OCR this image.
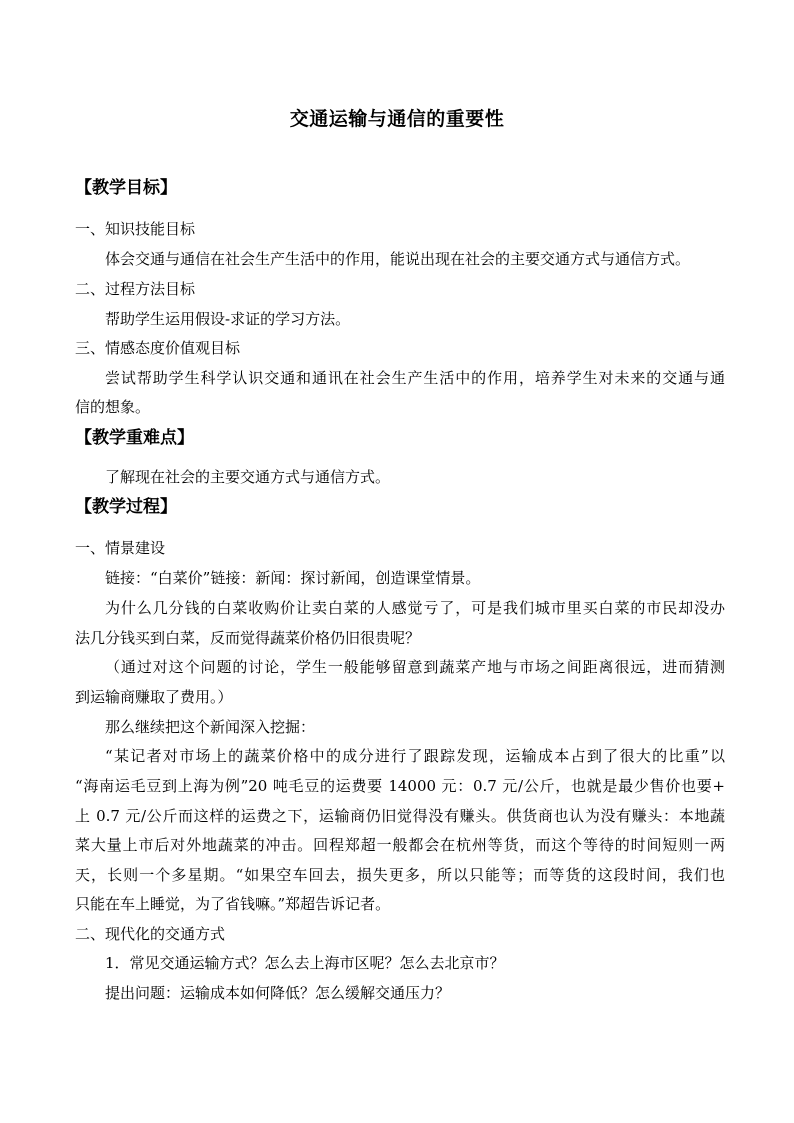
交通运输与通信的重要性
【教学目标】
一、知识技能目标
体会交通与通信在社会生产生活中的作用，能说出现在社会的主要交通方式与通信方式。
二、过程方法目标
帮助学生运用假设-求证的学习方法。
三、情感态度价值观目标
尝试帮助学生科学认识交通和通讯在社会生产生活中的作用，培养学生对未来的交通与通
信的想象。
【教学重难点】
了解现在社会的主要交通方式与通信方式。
【教学过程】
一、情景建设
链接：“白菜价”链接：新闻：探讨新闻，创造课堂情景。
为什么几分钱的白菜收购价让卖白菜的人感觉亏了，可是我们城市里买白菜的市民却没办
法几分钱买到白菜，反而觉得蔬菜价格仍旧很贵呢？
（通过对这个问题的讨论，学生一般能够留意到蔬菜产地与市场之间距离很远，进而猜测
到运输商赚取了费用。）
那么继续把这个新闻深入挖掘：
“某记者对市场上的蔬菜价格中的成分进行了跟踪发现，运输成本占到了很大的比重”以
“海南运毛豆到上海为例”20 吨毛豆的运费要 14000 元：0.7 元/公斤，也就是最少售价也要+
上 0.7 元/公斤而这样的运费之下，运输商仍旧觉得没有赚头。供货商也认为没有赚头：本地蔬
菜大量上市后对外地蔬菜的冲击。回程郑超一般都会在杭州等货，而这个等待的时间短则一两
天，长则一个多星期。“如果空车回去，损失更多，所以只能等；而等货的这段时间，我们也
只能在车上睡觉，为了省钱嘛。”郑超告诉记者。
二、现代化的交通方式
1．常见交通运输方式？怎么去上海市区呢？怎么去北京市？
提出问题：运输成本如何降低？怎么缓解交通压力？
